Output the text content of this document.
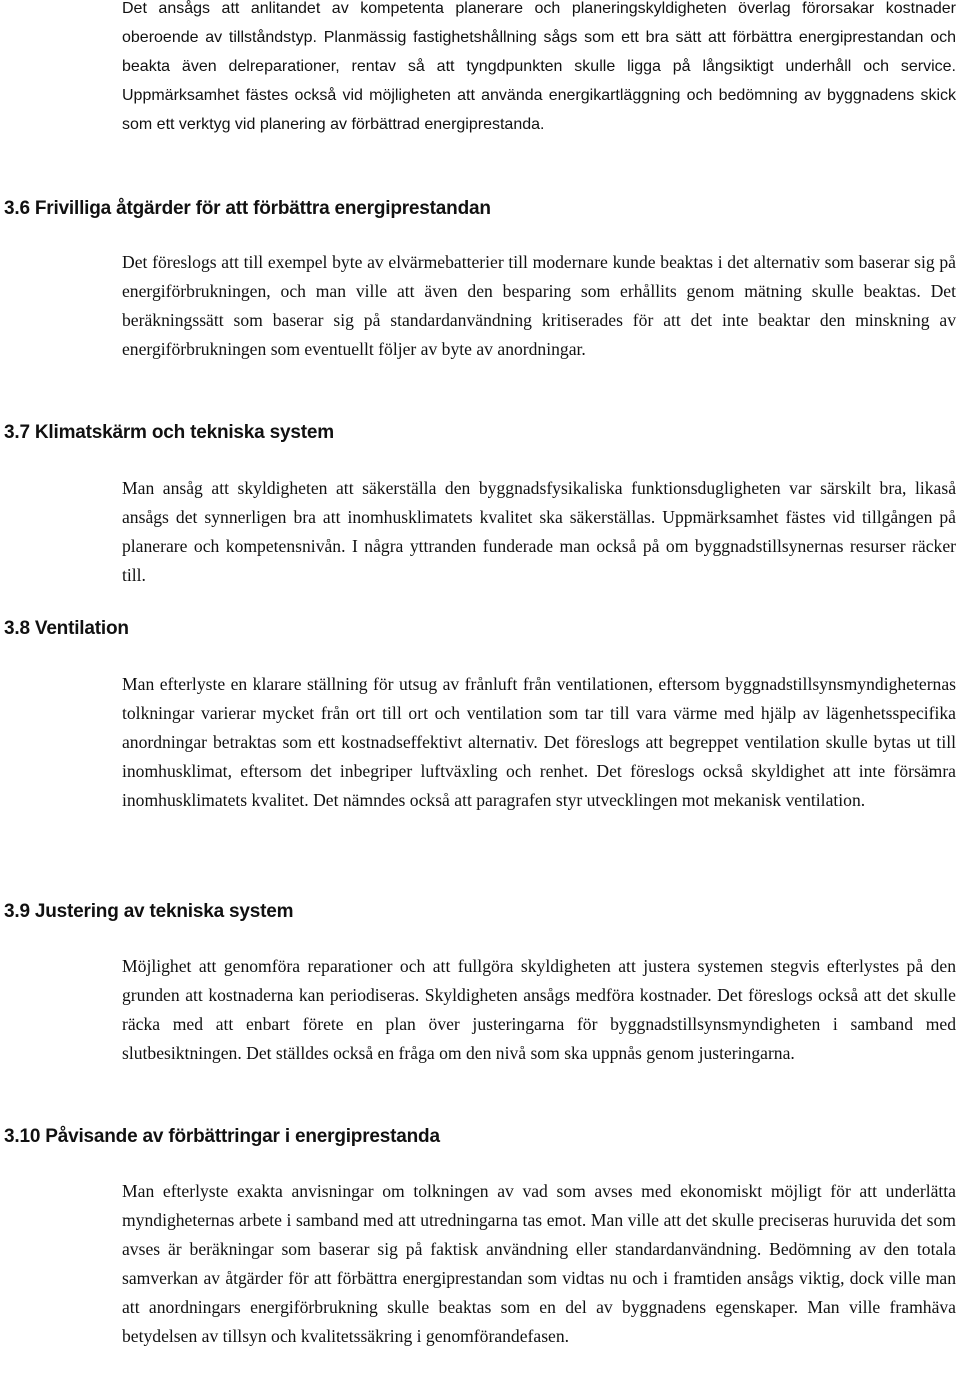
Det ansågs att anlitandet av kompetenta planerare och planeringskyldigheten överlag förorsakar kostnader oberoende av tillståndstyp. Planmässig fastighetshållning sågs som ett bra sätt att förbättra energiprestandan och beakta även delreparationer, rentav så att tyngdpunkten skulle ligga på långsiktigt underhåll och service. Uppmärksamhet fästes också vid möjligheten att använda energikartläggning och bedömning av byggnadens skick som ett verktyg vid planering av förbättrad energiprestanda.

3.6 Frivilliga åtgärder för att förbättra energiprestandan

Det föreslogs att till exempel byte av elvärmebatterier till modernare kunde beaktas i det alternativ som baserar sig på energiförbrukningen, och man ville att även den besparing som erhållits genom mätning skulle beaktas. Det beräkningssätt som baserar sig på standardanvändning kritiserades för att det inte beaktar den minskning av energiförbrukningen som eventuellt följer av byte av anordningar.

3.7 Klimatskärm och tekniska system

Man ansåg att skyldigheten att säkerställa den byggnadsfysikaliska funktionsdugligheten var särskilt bra, likaså ansågs det synnerligen bra att inomhusklimatets kvalitet ska säkerställas. Uppmärksamhet fästes vid tillgången på planerare och kompetensnivån. I några yttranden funderade man också på om byggnadstillsynernas resurser räcker till.

3.8 Ventilation

Man efterlyste en klarare ställning för utsug av frånluft från ventilationen, eftersom byggnadstillsynsmyndigheternas tolkningar varierar mycket från ort till ort och ventilation som tar till vara värme med hjälp av lägenhetsspecifika anordningar betraktas som ett kostnadseffektivt alternativ. Det föreslogs att begreppet ventilation skulle bytas ut till inomhusklimat, eftersom det inbegriper luftväxling och renhet. Det föreslogs också skyldighet att inte försämra inomhusklimatets kvalitet. Det nämndes också att paragrafen styr utvecklingen mot mekanisk ventilation.

3.9 Justering av tekniska system

Möjlighet att genomföra reparationer och att fullgöra skyldigheten att justera systemen stegvis efterlystes på den grunden att kostnaderna kan periodiseras. Skyldigheten ansågs medföra kostnader. Det föreslogs också att det skulle räcka med att enbart förete en plan över justeringarna för byggnadstillsynsmyndigheten i samband med slutbesiktningen. Det ställdes också en fråga om den nivå som ska uppnås genom justeringarna.

3.10 Påvisande av förbättringar i energiprestanda

Man efterlyste exakta anvisningar om tolkningen av vad som avses med ekonomiskt möjligt för att underlätta myndigheternas arbete i samband med att utredningarna tas emot. Man ville att det skulle preciseras huruvida det som avses är beräkningar som baserar sig på faktisk användning eller standardanvändning. Bedömning av den totala samverkan av åtgärder för att förbättra energiprestandan som vidtas nu och i framtiden ansågs viktig, dock ville man att anordningars energiförbrukning skulle beaktas som en del av byggnadens egenskaper. Man ville framhäva betydelsen av tillsyn och kvalitetssäkring i genomförandefasen.
